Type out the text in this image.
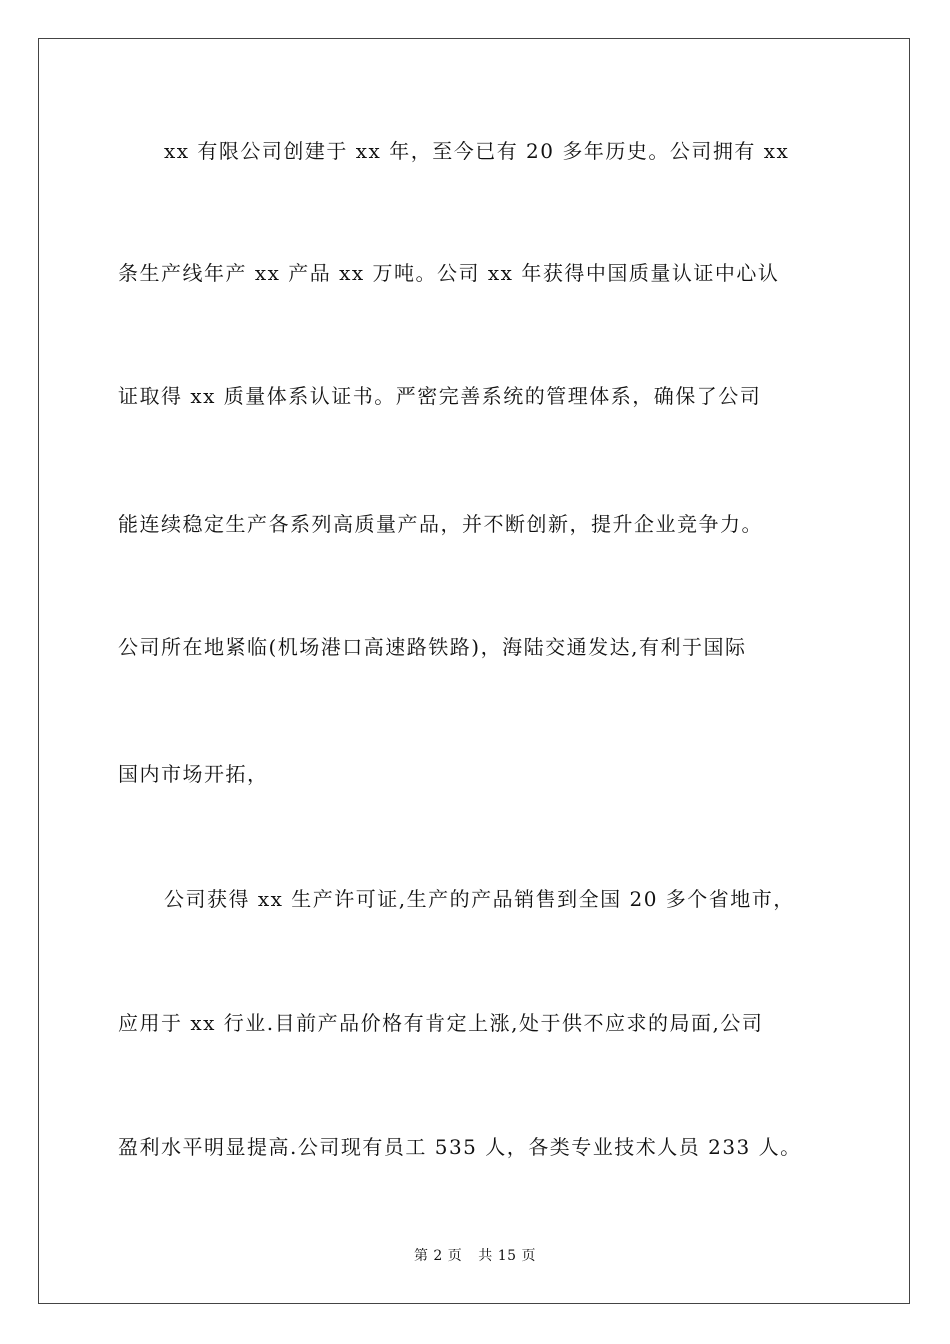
xx 有限公司创建于 xx 年，至今已有 20 多年历史。公司拥有 xx
条生产线年产 xx 产品 xx 万吨。公司 xx 年获得中国质量认证中心认
证取得 xx 质量体系认证书。严密完善系统的管理体系，确保了公司
能连续稳定生产各系列高质量产品，并不断创新，提升企业竞争力。
公司所在地紧临(机场港口高速路铁路)，海陆交通发达,有利于国际
国内市场开拓，
公司获得 xx 生产许可证,生产的产品销售到全国 20 多个省地市，
应用于 xx 行业.目前产品价格有肯定上涨,处于供不应求的局面,公司
盈利水平明显提高.公司现有员工 535 人，各类专业技术人员 233 人。
第 2 页 共 15 页
